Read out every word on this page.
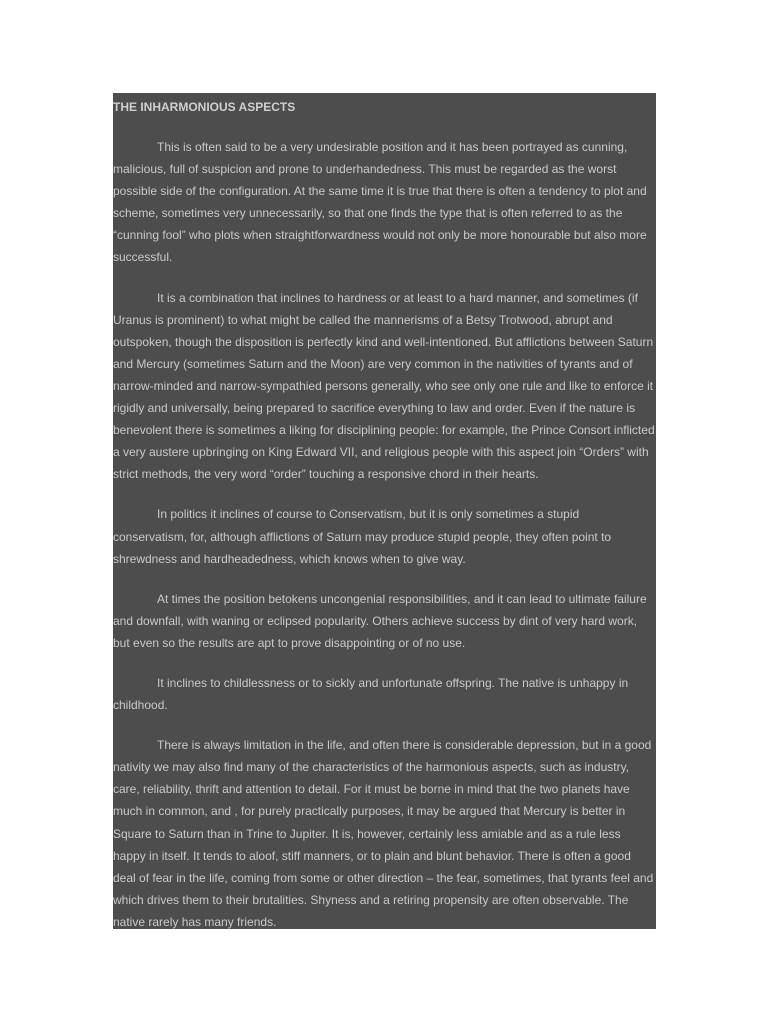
THE INHARMONIOUS ASPECTS

This is often said to be a very undesirable position and it has been portrayed as cunning, malicious, full of suspicion and prone to underhandedness. This must be regarded as the worst possible side of the configuration. At the same time it is true that there is often a tendency to plot and scheme, sometimes very unnecessarily, so that one finds the type that is often referred to as the “cunning fool” who plots when straightforwardness would not only be more honourable but also more successful.

It is a combination that inclines to hardness or at least to a hard manner, and sometimes (if Uranus is prominent) to what might be called the mannerisms of a Betsy Trotwood, abrupt and outspoken, though the disposition is perfectly kind and well-intentioned. But afflictions between Saturn and Mercury (sometimes Saturn and the Moon) are very common in the nativities of tyrants and of narrow-minded and narrow-sympathied persons generally, who see only one rule and like to enforce it rigidly and universally, being prepared to sacrifice everything to law and order. Even if the nature is benevolent there is sometimes a liking for disciplining people: for example, the Prince Consort inflicted a very austere upbringing on King Edward VII, and religious people with this aspect join “Orders” with strict methods, the very word “order” touching a responsive chord in their hearts.

In politics it inclines of course to Conservatism, but it is only sometimes a stupid conservatism, for, although afflictions of Saturn may produce stupid people, they often point to shrewdness and hardheadedness, which knows when to give way.

At times the position betokens uncongenial responsibilities, and it can lead to ultimate failure and downfall, with waning or eclipsed popularity. Others achieve success by dint of very hard work, but even so the results are apt to prove disappointing or of no use.

It inclines to childlessness or to sickly and unfortunate offspring. The native is unhappy in childhood.

There is always limitation in the life, and often there is considerable depression, but in a good nativity we may also find many of the characteristics of the harmonious aspects, such as industry, care, reliability, thrift and attention to detail. For it must be borne in mind that the two planets have much in common, and , for purely practically purposes, it may be argued that Mercury is better in Square to Saturn than in Trine to Jupiter. It is, however, certainly less amiable and as a rule less happy in itself. It tends to aloof, stiff manners, or to plain and blunt behavior. There is often a good deal of fear in the life, coming from some or other direction – the fear, sometimes, that tyrants feel and which drives them to their brutalities. Shyness and a retiring propensity are often observable. The native rarely has many friends.
